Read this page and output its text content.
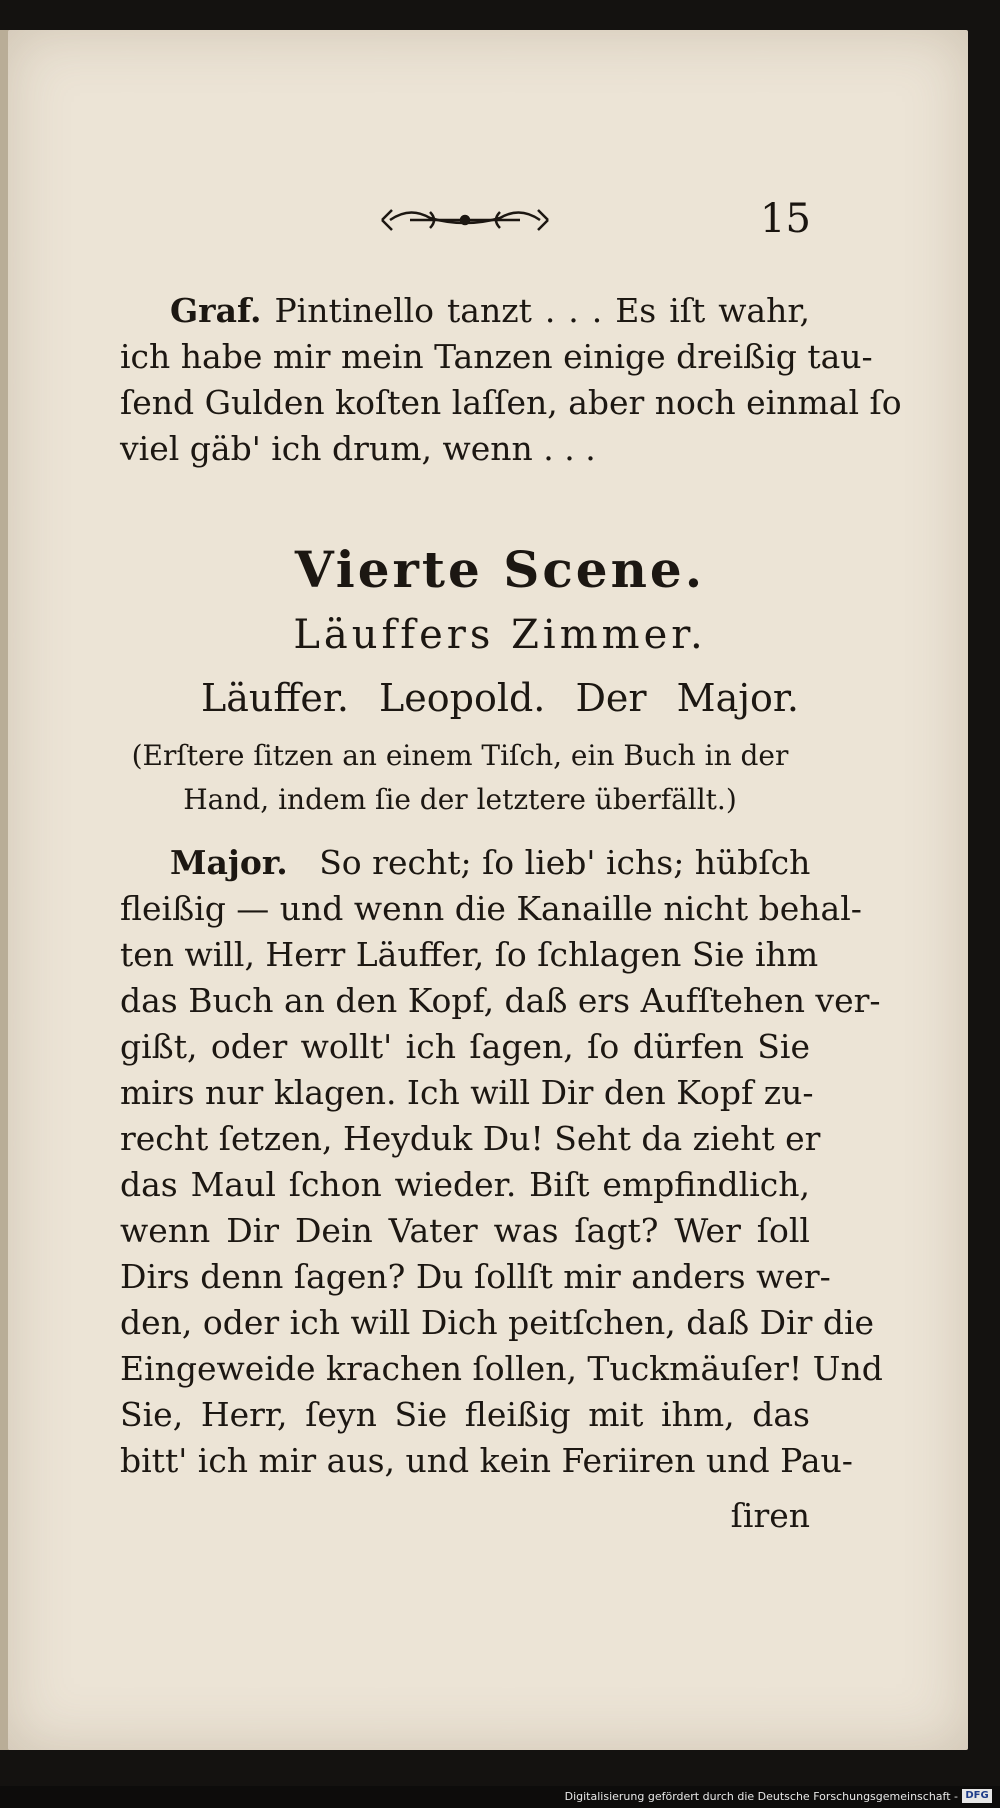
15
Graf. Pintinello tanzt . . . Es iſt wahr,
ich habe mir mein Tanzen einige dreißig tau-
ſend Gulden koſten laſſen, aber noch einmal ſo
viel gäb' ich drum, wenn . . .
Vierte Scene.
Läuffers Zimmer.
Läuffer. Leopold. Der Major.
(Erſtere ſitzen an einem Tiſch, ein Buch in der
Hand, indem ſie der letztere überfällt.)
Major. So recht; ſo lieb' ichs; hübſch
fleißig — und wenn die Kanaille nicht behal-
ten will, Herr Läuffer, ſo ſchlagen Sie ihm
das Buch an den Kopf, daß ers Aufſtehen ver-
gißt, oder wollt' ich ſagen, ſo dürfen Sie
mirs nur klagen. Ich will Dir den Kopf zu-
recht ſetzen, Heyduk Du! Seht da zieht er
das Maul ſchon wieder. Biſt empfindlich,
wenn Dir Dein Vater was ſagt? Wer ſoll
Dirs denn ſagen? Du ſollſt mir anders wer-
den, oder ich will Dich peitſchen, daß Dir die
Eingeweide krachen ſollen, Tuckmäuſer! Und
Sie, Herr, ſeyn Sie fleißig mit ihm, das
bitt' ich mir aus, und kein Feriiren und Pau-
ſiren
Digitalisierung gefördert durch die Deutsche Forschungsgemeinschaft - DFG
